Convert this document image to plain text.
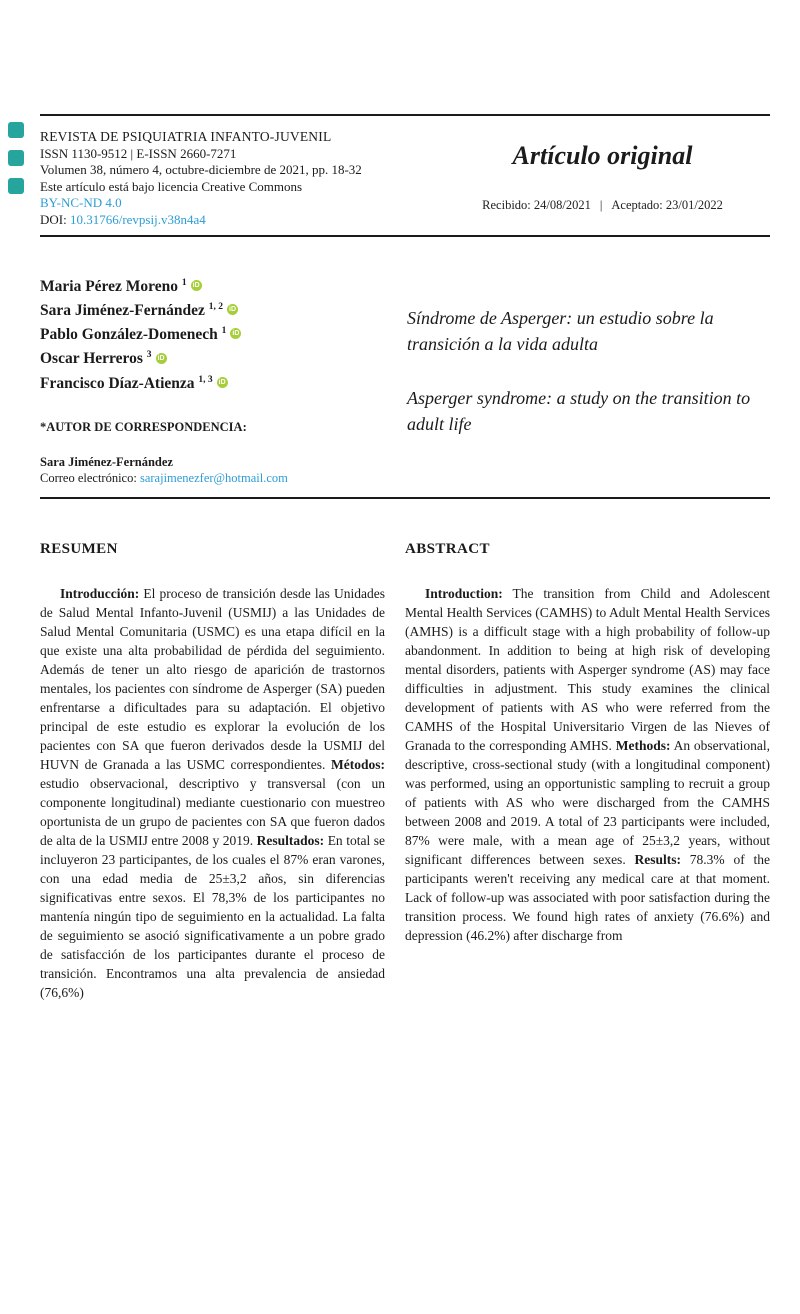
REVISTA DE PSIQUIATRIA INFANTO-JUVENIL
ISSN 1130-9512 | E-ISSN 2660-7271
Volumen 38, número 4, octubre-diciembre de 2021, pp. 18-32
Este artículo está bajo licencia Creative Commons
BY-NC-ND 4.0
DOI: 10.31766/revpsij.v38n4a4
Artículo original
Recibido: 24/08/2021 | Aceptado: 23/01/2022
Maria Pérez Moreno $^1$iD
Sara Jiménez-Fernández $^{1, 2}$iD
Pablo González-Domenech $^1$iD
Oscar Herreros $^3$iD
Francisco Díaz-Atienza $^{1, 3}$iD
*AUTOR DE CORRESPONDENCIA:
Sara Jiménez-Fernández
Correo electrónico: sarajimenezfer@hotmail.com
Síndrome de Asperger: un estudio sobre la transición a la vida adulta
Asperger syndrome: a study on the transition to adult life
RESUMEN
Introducción: El proceso de transición desde las Unidades de Salud Mental Infanto-Juvenil (USMIJ) a las Unidades de Salud Mental Comunitaria (USMC) es una etapa difícil en la que existe una alta probabilidad de pérdida del seguimiento. Además de tener un alto riesgo de aparición de trastornos mentales, los pacientes con síndrome de Asperger (SA) pueden enfrentarse a dificultades para su adaptación. El objetivo principal de este estudio es explorar la evolución de los pacientes con SA que fueron derivados desde la USMIJ del HUVN de Granada a las USMC correspondientes. Métodos: estudio observacional, descriptivo y transversal (con un componente longitudinal) mediante cuestionario con muestreo oportunista de un grupo de pacientes con SA que fueron dados de alta de la USMIJ entre 2008 y 2019. Resultados: En total se incluyeron 23 participantes, de los cuales el 87% eran varones, con una edad media de 25±3,2 años, sin diferencias significativas entre sexos. El 78,3% de los participantes no mantenía ningún tipo de seguimiento en la actualidad. La falta de seguimiento se asoció significativamente a un pobre grado de satisfacción de los participantes durante el proceso de transición. Encontramos una alta prevalencia de ansiedad (76,6%)
ABSTRACT
Introduction: The transition from Child and Adolescent Mental Health Services (CAMHS) to Adult Mental Health Services (AMHS) is a difficult stage with a high probability of follow-up abandonment. In addition to being at high risk of developing mental disorders, patients with Asperger syndrome (AS) may face difficulties in adjustment. This study examines the clinical development of patients with AS who were referred from the CAMHS of the Hospital Universitario Virgen de las Nieves of Granada to the corresponding AMHS. Methods: An observational, descriptive, cross-sectional study (with a longitudinal component) was performed, using an opportunistic sampling to recruit a group of patients with AS who were discharged from the CAMHS between 2008 and 2019. A total of 23 participants were included, 87% were male, with a mean age of 25±3,2 years, without significant differences between sexes. Results: 78.3% of the participants weren't receiving any medical care at that moment. Lack of follow-up was associated with poor satisfaction during the transition process. We found high rates of anxiety (76.6%) and depression (46.2%) after discharge from
